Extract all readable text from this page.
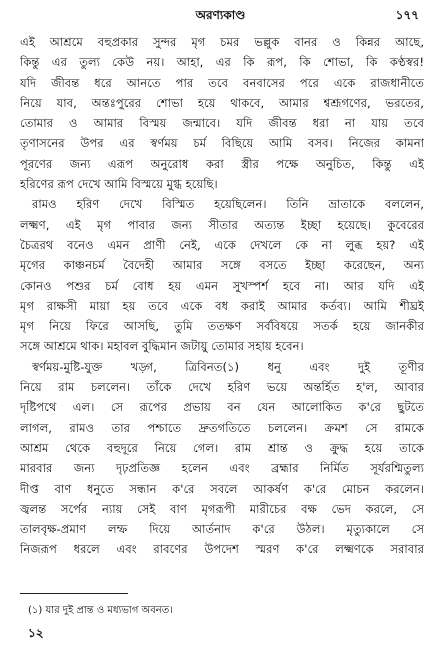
অরণ্যকাণ্ড	১৭৭
এই আশ্রমে বহুপ্রকার সুন্দর মৃগ চমর ভল্লুক বানর ও কিন্নর আছে,
কিন্তু এর তুল্য কেউ নয়। আহা, এর কি রূপ, কি শোভা, কি কণ্ঠস্বর!
যদি জীবন্ত ধরে আনতে পার তবে বনবাসের পরে একে রাজধানীতে
নিয়ে যাব, অন্তঃপুরের শোভা হয়ে থাকবে, আমার শ্বশ্রূগণের, ভরতের,
তোমার ও আমার বিস্ময় জন্মাবে। যদি জীবন্ত ধরা না যায় তবে
তৃণাসনের উপর এর স্বর্ণময় চর্ম বিছিয়ে আমি বসব। নিজের কামনা
পূরণের জন্য এরূপ অনুরোধ করা স্ত্রীর পক্ষে অনুচিত, কিন্তু এই
হরিণের রূপ দেখে আমি বিস্ময়ে মুগ্ধ হয়েছি।
রামও হরিণ দেখে বিস্মিত হয়েছিলেন। তিনি ভ্রাতাকে বললেন,
লক্ষ্মণ, এই মৃগ পাবার জন্য সীতার অত্যন্ত ইচ্ছা হয়েছে। কুবেরের
চৈত্ররথ বনেও এমন প্রাণী নেই, একে দেখলে কে না লুব্ধ হয়? এই
মৃগের কাঞ্চনচর্ম বৈদেহী আমার সঙ্গে বসতে ইচ্ছা করেছেন, অন্য
কোনও পশুর চর্ম বোধ হয় এমন সুখস্পর্শ হবে না। আর যদি এই
মৃগ রাক্ষসী মায়া হয় তবে একে বধ করাই আমার কর্তব্য। আমি শীঘ্রই
মৃগ নিয়ে ফিরে আসছি, তুমি ততক্ষণ সর্ববিষয়ে সতর্ক হয়ে জানকীর
সঙ্গে আশ্রমে থাক। মহাবল বুদ্ধিমান জটায়ু তোমার সহায় হবেন।
স্বর্ণময়-মুষ্টি-যুক্ত খড়্গ, ত্রিবিনত(১) ধনু এবং দুই তূণীর
নিয়ে রাম চললেন। তাঁকে দেখে হরিণ ভয়ে অন্তর্হিত হ'ল, আবার
দৃষ্টিপথে এল। সে রূপের প্রভায় বন যেন আলোকিত ক'রে ছুটতে
লাগল, রামও তার পশ্চাতে দ্রুতগতিতে চললেন। ক্রমশ সে রামকে
আশ্রম থেকে বহুদূরে নিয়ে গেল। রাম শ্রান্ত ও ক্রুদ্ধ হয়ে তাকে
মারবার জন্য দৃঢ়প্রতিজ্ঞ হলেন এবং ব্রহ্মার নির্মিত সূর্যরশ্মিতুল্য
দীপ্ত বাণ ধনুতে সন্ধান ক'রে সবলে আকর্ষণ ক'রে মোচন করলেন।
জ্বলন্ত সর্পের ন্যায় সেই বাণ মৃগরূপী মারীচের বক্ষ ভেদ করলে, সে
তালবৃক্ষ-প্রমাণ লম্ফ দিয়ে আর্তনাদ ক'রে উঠল। মৃত্যুকালে সে
নিজরূপ ধরলে এবং রাবণের উপদেশ স্মরণ ক'রে লক্ষ্মণকে সরাবার
(১) যার দুই প্রান্ত ও মধ্যভাগ অবনত।
১২
